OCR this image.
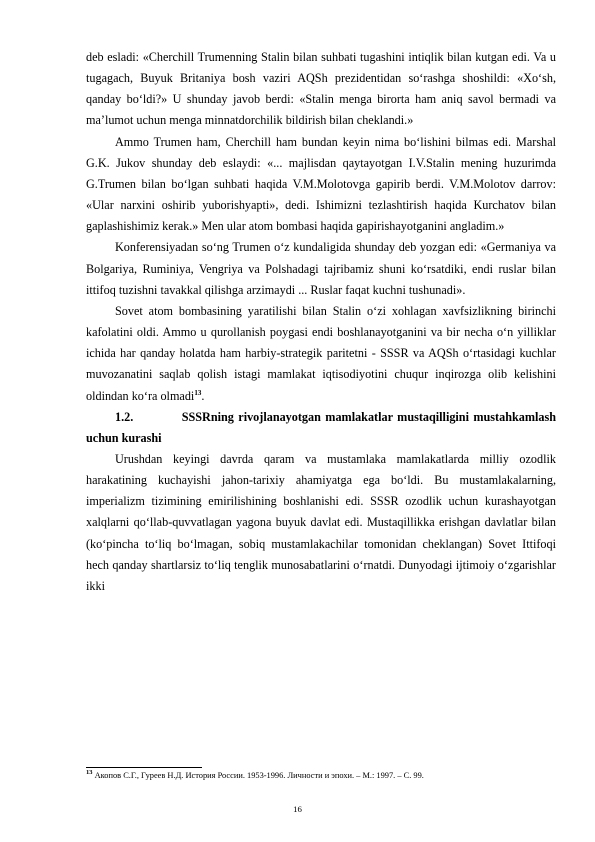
deb esladi: «Cherchill Trumenning Stalin bilan suhbati tugashini intiqlik bilan kutgan edi. Va u tugagach, Buyuk Britaniya bosh vaziri AQSh prezidentidan so‘rashga shoshildi: «Xo‘sh, qanday bo‘ldi?» U shunday javob berdi: «Stalin menga birorta ham aniq savol bermadi va ma’lumot uchun menga minnatdorchilik bildirish bilan cheklandi.»

Ammo Trumen ham, Cherchill ham bundan keyin nima bo‘lishini bilmas edi. Marshal G.K. Jukov shunday deb eslaydi: «... majlisdan qaytayotgan I.V.Stalin mening huzurimda G.Trumen bilan bo‘lgan suhbati haqida V.M.Molotovga gapirib berdi. V.M.Molotov darrov: «Ular narxini oshirib yuborishyapti», dedi. Ishimizni tezlashtirish haqida Kurchatov bilan gaplashishimiz kerak.» Men ular atom bombasi haqida gapirishayotganini angladim.»

Konferensiyadan so‘ng Trumen o‘z kundaligida shunday deb yozgan edi: «Germaniya va Bolgariya, Ruminiya, Vengriya va Polshadagi tajribamiz shuni ko‘rsatdiki, endi ruslar bilan ittifoq tuzishni tavakkal qilishga arzimaydi ... Ruslar faqat kuchni tushunadi».

Sovet atom bombasining yaratilishi bilan Stalin o‘zi xohlagan xavfsizlikning birinchi kafolatini oldi. Ammo u qurollanish poygasi endi boshlanayotganini va bir necha o‘n yilliklar ichida har qanday holatda ham harbiy-strategik paritetni - SSSR va AQSh o‘rtasidagi kuchlar muvozanatini saqlab qolish istagi mamlakat iqtisodiyotini chuqur inqirozga olib kelishini oldindan ko‘ra olmadi$^{13}$.

1.2.	SSSRning rivojlanayotgan mamlakatlar mustaqilligini mustahkamlash uchun kurashi

Urushdan keyingi davrda qaram va mustamlaka mamlakatlarda milliy ozodlik harakatining kuchayishi jahon-tarixiy ahamiyatga ega bo‘ldi. Bu mustamlakalarning, imperializm tizimining emirilishining boshlanishi edi. SSSR ozodlik uchun kurashayotgan xalqlarni qo‘llab-quvvatlagan yagona buyuk davlat edi. Mustaqillikka erishgan davlatlar bilan (ko‘pincha to‘liq bo‘lmagan, sobiq mustamlakachilar tomonidan cheklangan) Sovet Ittifoqi hech qanday shartlarsiz to‘liq tenglik munosabatlarini o‘rnatdi. Dunyodagi ijtimoiy o‘zgarishlar ikki

$^{13}$ Акопов С.Г., Гуреев Н.Д. История России. 1953-1996. Личности и эпохи. – М.: 1997. – С. 99.

16
